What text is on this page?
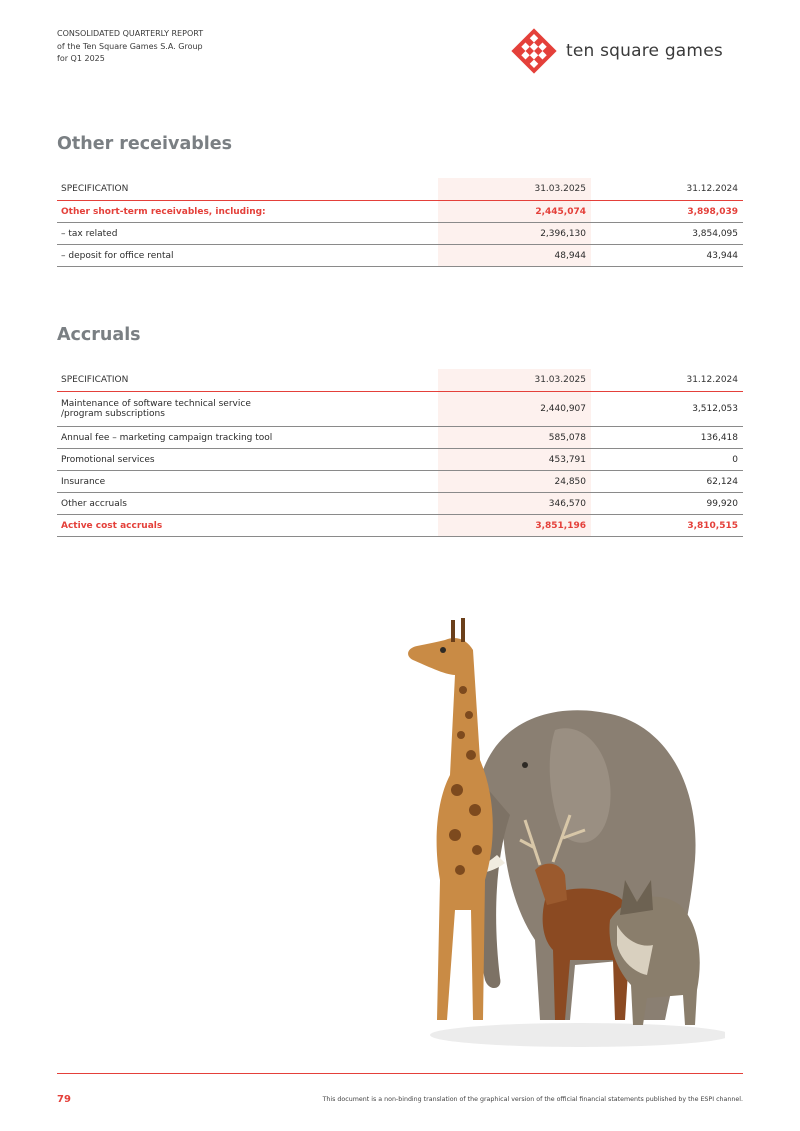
CONSOLIDATED QUARTERLY REPORT
of the Ten Square Games S.A. Group
for Q1 2025	ten square games
Other receivables
SPECIFICATION	31.03.2025	31.12.2024
Other short-term receivables, including:	2,445,074	3,898,039
– tax related	2,396,130	3,854,095
– deposit for office rental	48,944	43,944
Accruals
SPECIFICATION	31.03.2025	31.12.2024

Maintenance of software technical service
/program subscriptions	2,440,907	3,512,053
Annual fee – marketing campaign tracking tool	585,078	136,418
Promotional services	453,791	0
Insurance	24,850	62,124
Other accruals	346,570	99,920
Active cost accruals	3,851,196	3,810,515
79	This document is a non-binding translation of the graphical version of the official financial statements published by the ESPI channel.
